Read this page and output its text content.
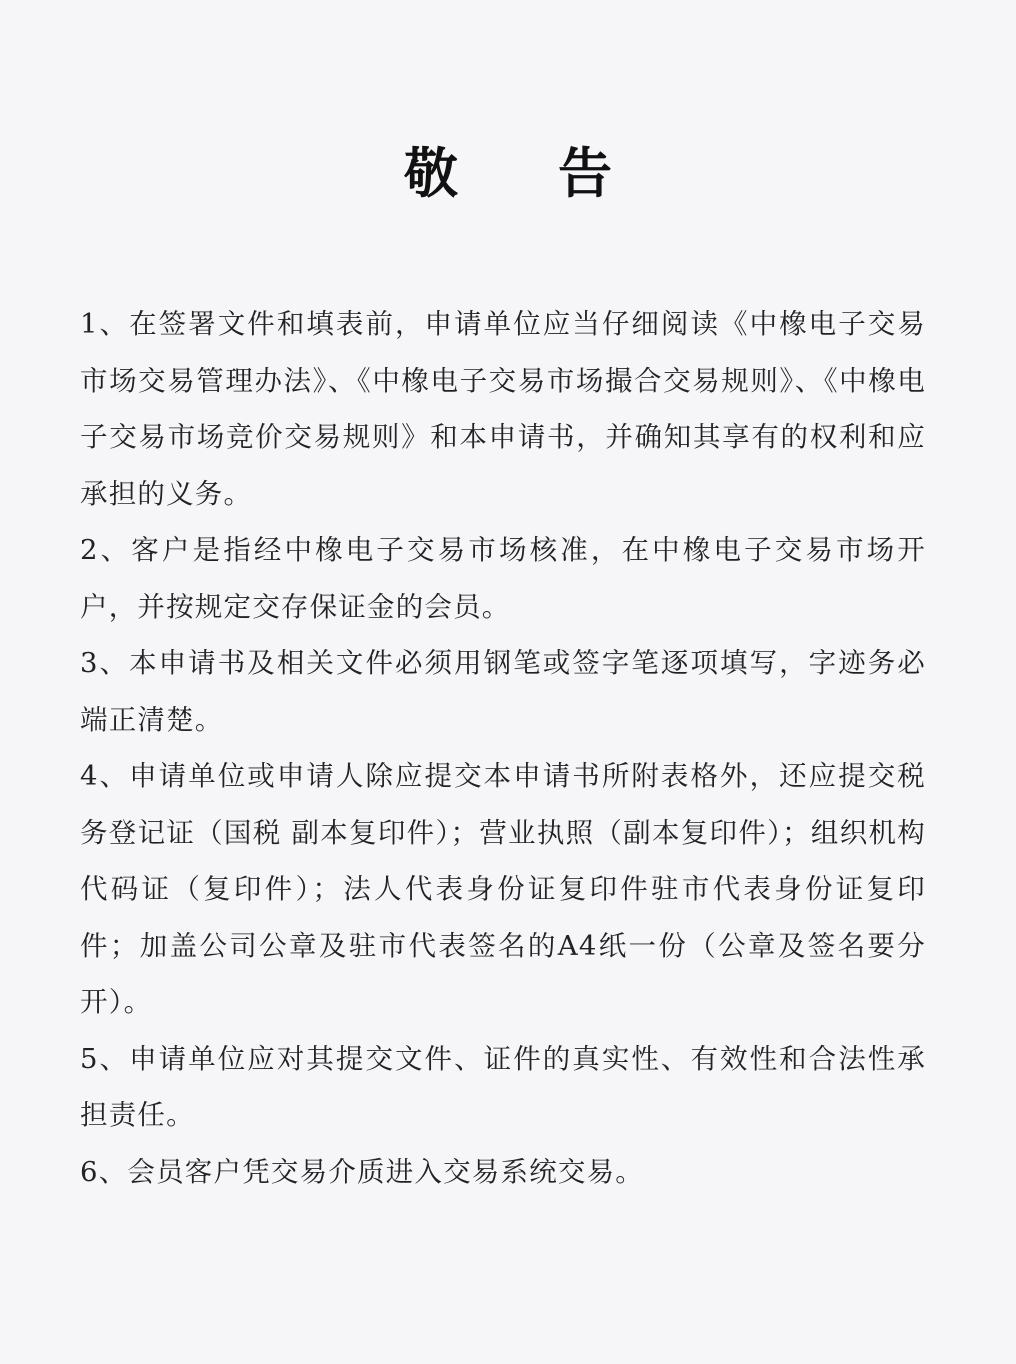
敬告

1、在签署文件和填表前，申请单位应当仔细阅读《中橡电子交易市场交易管理办法》、《中橡电子交易市场撮合交易规则》、《中橡电子交易市场竞价交易规则》和本申请书，并确知其享有的权利和应承担的义务。

2、客户是指经中橡电子交易市场核准，在中橡电子交易市场开户，并按规定交存保证金的会员。

3、本申请书及相关文件必须用钢笔或签字笔逐项填写，字迹务必端正清楚。

4、申请单位或申请人除应提交本申请书所附表格外，还应提交税务登记证（国税 副本复印件）；营业执照（副本复印件）；组织机构代码证（复印件）；法人代表身份证复印件驻市代表身份证复印件；加盖公司公章及驻市代表签名的A4纸一份（公章及签名要分开）。

5、申请单位应对其提交文件、证件的真实性、有效性和合法性承担责任。

6、会员客户凭交易介质进入交易系统交易。
